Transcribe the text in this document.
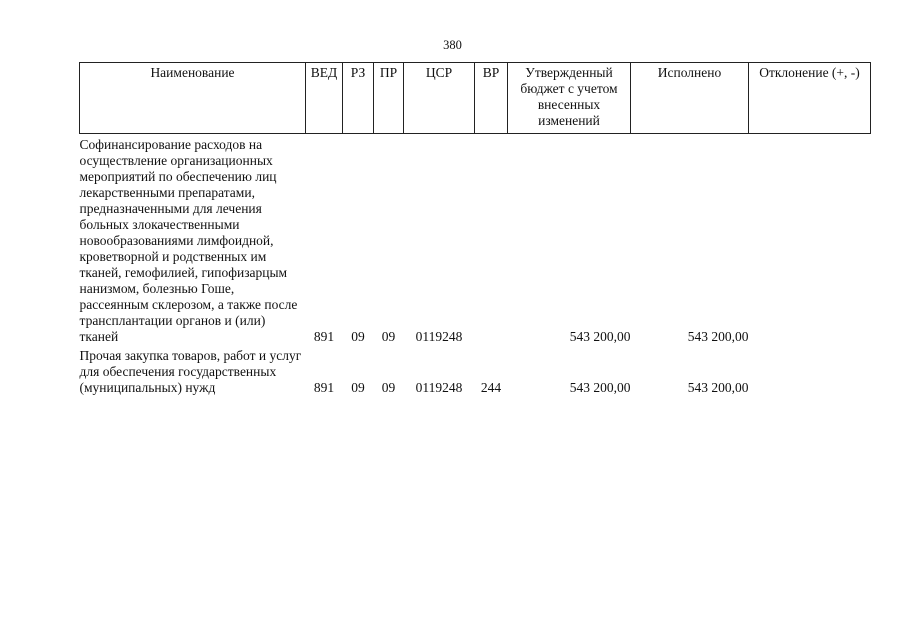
380
Наименование	ВЕД	РЗ	ПР	ЦСР	ВР	Утвержденный бюджет с учетом внесенных изменений	Исполнено	Отклонение (+, -)
Софинансирование расходов на осуществление организационных мероприятий по обеспечению лиц лекарственными препаратами, предназначенными для лечения больных злокачественными новообразованиями лимфоидной, кроветворной и родственных им тканей, гемофилией, гипофизарцым нанизмом, болезнью Гоше, рассеянным склерозом, а также после трансплантации органов и (или) тканей	891	09	09	0119248		543 200,00	543 200,00	
Прочая закупка товаров, работ и услуг для обеспечения государственных (муниципальных) нужд	891	09	09	0119248	244	543 200,00	543 200,00	
